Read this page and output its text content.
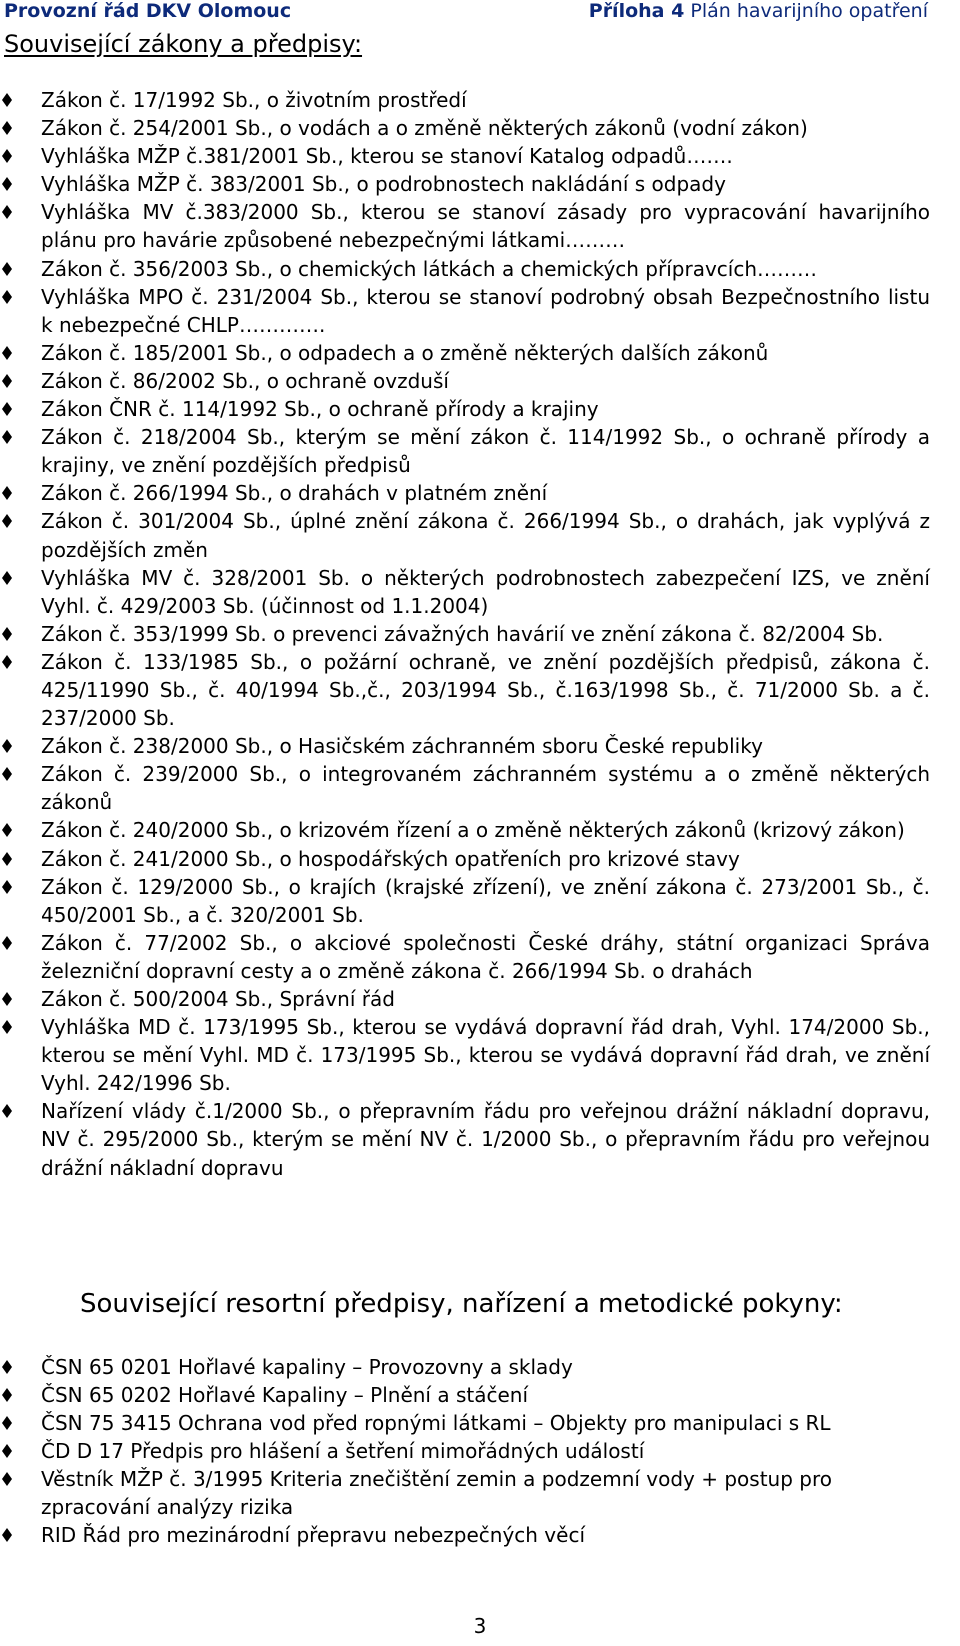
Provozní řád DKV Olomouc	Příloha 4 Plán havarijního opatření
Související zákony a předpisy:
Zákon č. 17/1992 Sb., o životním prostředí
Zákon č. 254/2001 Sb., o vodách a o změně některých zákonů (vodní zákon)
Vyhláška MŽP č.381/2001 Sb., kterou se stanoví Katalog odpadů…….
Vyhláška MŽP č. 383/2001 Sb., o podrobnostech nakládání s odpady
Vyhláška MV č.383/2000 Sb., kterou se stanoví zásady pro vypracování havarijního plánu pro havárie způsobené nebezpečnými látkami………
Zákon č. 356/2003 Sb., o chemických látkách a chemických přípravcích………
Vyhláška MPO č. 231/2004 Sb., kterou se stanoví podrobný obsah Bezpečnostního listu k nebezpečné CHLP………….
Zákon č. 185/2001 Sb., o odpadech a o změně některých dalších zákonů
Zákon č. 86/2002 Sb., o ochraně ovzduší
Zákon ČNR č. 114/1992 Sb., o ochraně přírody a krajiny
Zákon č. 218/2004 Sb., kterým se mění zákon č. 114/1992 Sb., o ochraně přírody a krajiny, ve znění pozdějších předpisů
Zákon č. 266/1994 Sb., o drahách v platném znění
Zákon č. 301/2004 Sb., úplné znění zákona č. 266/1994 Sb., o drahách, jak vyplývá z pozdějších změn
Vyhláška MV č. 328/2001 Sb. o některých podrobnostech zabezpečení IZS, ve znění Vyhl. č. 429/2003 Sb. (účinnost od 1.1.2004)
Zákon č. 353/1999 Sb. o prevenci závažných havárií ve znění zákona č. 82/2004 Sb.
Zákon č. 133/1985 Sb., o požární ochraně, ve znění pozdějších předpisů, zákona č. 425/11990 Sb., č. 40/1994 Sb.,č., 203/1994 Sb., č.163/1998 Sb., č. 71/2000 Sb. a č. 237/2000 Sb.
Zákon č. 238/2000 Sb., o Hasičském záchranném sboru České republiky
Zákon č. 239/2000 Sb., o integrovaném záchranném systému a o změně některých zákonů
Zákon č. 240/2000 Sb., o krizovém řízení a o změně některých zákonů (krizový zákon)
Zákon č. 241/2000 Sb., o hospodářských opatřeních pro krizové stavy
Zákon č. 129/2000 Sb., o krajích (krajské zřízení), ve znění zákona č. 273/2001 Sb., č. 450/2001 Sb., a č. 320/2001 Sb.
Zákon č. 77/2002 Sb., o akciové společnosti České dráhy, státní organizaci Správa železniční dopravní cesty a o změně zákona č. 266/1994 Sb. o drahách
Zákon č. 500/2004 Sb., Správní řád
Vyhláška MD č. 173/1995 Sb., kterou se vydává dopravní řád drah, Vyhl. 174/2000 Sb., kterou se mění Vyhl. MD č. 173/1995 Sb., kterou se vydává dopravní řád drah, ve znění Vyhl. 242/1996 Sb.
Nařízení vlády č.1/2000 Sb., o přepravním řádu pro veřejnou drážní nákladní dopravu, NV č. 295/2000 Sb., kterým se mění NV č. 1/2000 Sb., o přepravním řádu pro veřejnou drážní nákladní dopravu
Související resortní předpisy, nařízení a metodické pokyny:
ČSN 65 0201 Hořlavé kapaliny – Provozovny a sklady
ČSN 65 0202 Hořlavé Kapaliny – Plnění a stáčení
ČSN 75 3415 Ochrana vod před ropnými látkami – Objekty pro manipulaci s RL
ČD D 17 Předpis pro hlášení a šetření mimořádných událostí
Věstník MŽP č. 3/1995 Kriteria znečištění zemin a podzemní vody + postup pro zpracování analýzy rizika
RID Řád pro mezinárodní přepravu nebezpečných věcí
3
